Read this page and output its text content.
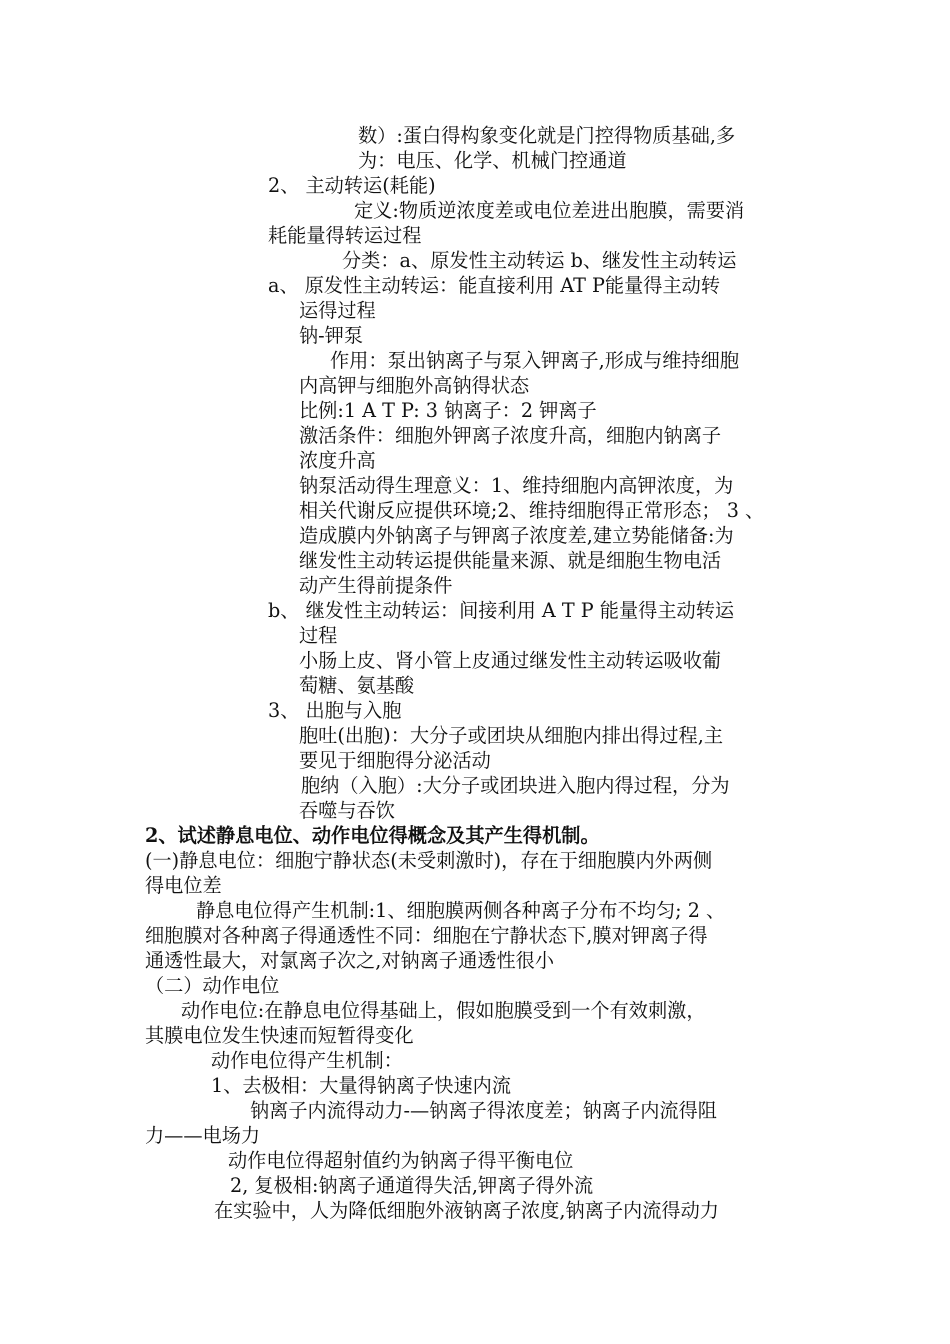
数）:蛋白得构象变化就是门控得物质基础,多
为：电压、化学、机械门控通道
2、 主动转运(耗能)
定义:物质逆浓度差或电位差进出胞膜，需要消
耗能量得转运过程
分类：a、原发性主动转运 b、继发性主动转运
a、 原发性主动转运：能直接利用 AT P能量得主动转
运得过程
钠-钾泵
作用：泵出钠离子与泵入钾离子,形成与维持细胞
内高钾与细胞外高钠得状态
比例:1 A T P: 3 钠离子：2 钾离子
激活条件：细胞外钾离子浓度升高，细胞内钠离子
浓度升高
钠泵活动得生理意义：1、维持细胞内高钾浓度，为
相关代谢反应提供环境;2、维持细胞得正常形态； 3 、
造成膜内外钠离子与钾离子浓度差,建立势能储备:为
继发性主动转运提供能量来源、就是细胞生物电活
动产生得前提条件
b、 继发性主动转运：间接利用 A T P 能量得主动转运
过程
小肠上皮、肾小管上皮通过继发性主动转运吸收葡
萄糖、氨基酸
3、 出胞与入胞
胞吐(出胞)：大分子或团块从细胞内排出得过程,主
要见于细胞得分泌活动
胞纳（入胞）:大分子或团块进入胞内得过程，分为
吞噬与吞饮
2、试述静息电位、动作电位得概念及其产生得机制。
(一)静息电位：细胞宁静状态(未受刺激时)，存在于细胞膜内外两侧
得电位差
静息电位得产生机制:1、细胞膜两侧各种离子分布不均匀; 2 、
细胞膜对各种离子得通透性不同：细胞在宁静状态下,膜对钾离子得
通透性最大，对氯离子次之,对钠离子通透性很小
（二）动作电位
动作电位:在静息电位得基础上，假如胞膜受到一个有效刺激，
其膜电位发生快速而短暂得变化
动作电位得产生机制：
1、去极相：大量得钠离子快速内流
钠离子内流得动力-—钠离子得浓度差；钠离子内流得阻
力——电场力
动作电位得超射值约为钠离子得平衡电位
2, 复极相:钠离子通道得失活,钾离子得外流
在实验中，人为降低细胞外液钠离子浓度,钠离子内流得动力
